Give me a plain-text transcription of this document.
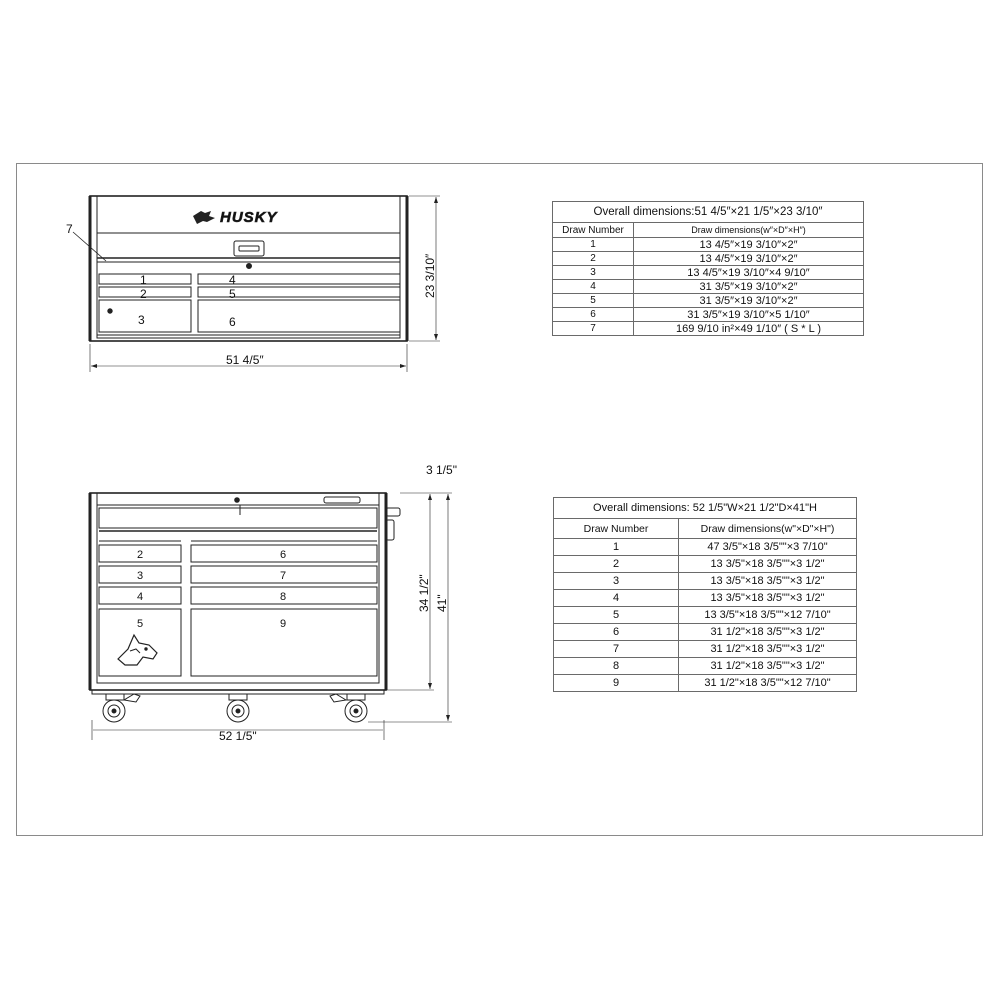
HUSKY
7
1
2
3
4
5
6
51 4/5″
23 3/10″
2
3
4
5
6
7
8
9
52 1/5"
3 1/5"
34 1/2" 41"
Overall dimensions:51 4/5″×21 1/5″×23 3/10″	
Draw Number	Draw dimensions(w″×D″×H″)
1	13 4/5″×19 3/10″×2″
2	13 4/5″×19 3/10″×2″
3	13 4/5″×19 3/10″×4 9/10″
4	31 3/5″×19 3/10″×2″
5	31 3/5″×19 3/10″×2″
6	31 3/5″×19 3/10″×5 1/10″
7	169 9/10 in²×49 1/10″ ( S * L )
Overall dimensions: 52 1/5"W×21 1/2"D×41"H	
Draw Number	Draw dimensions(w"×D"×H")
1	47 3/5"×18 3/5""×3 7/10"
2	13 3/5"×18 3/5""×3 1/2"
3	13 3/5"×18 3/5""×3 1/2"
4	13 3/5"×18 3/5""×3 1/2"
5	13 3/5"×18 3/5""×12 7/10"
6	31 1/2"×18 3/5""×3 1/2"
7	31 1/2"×18 3/5""×3 1/2"
8	31 1/2"×18 3/5""×3 1/2"
9	31 1/2"×18 3/5""×12 7/10"
